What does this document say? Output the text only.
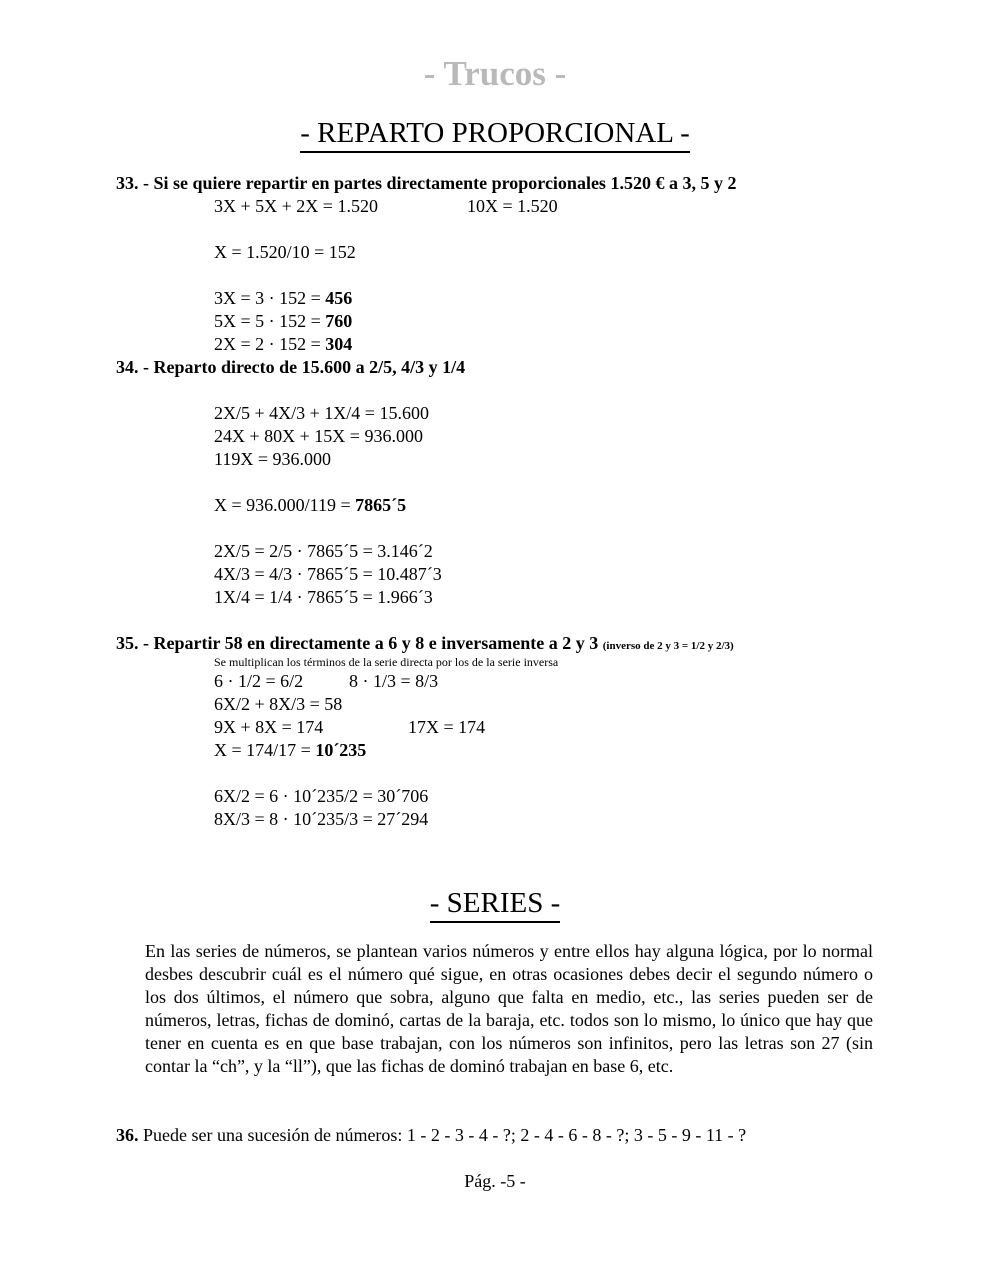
- Trucos -
- REPARTO PROPORCIONAL -
33. - Si se quiere repartir en partes directamente proporcionales 1.520 € a 3, 5 y 2
3X + 5X + 2X = 1.520	10X = 1.520
X = 1.520/10 = 152
3X = 3 · 152 = 456
5X = 5 · 152 = 760
2X = 2 · 152 = 304
34. - Reparto directo de 15.600 a 2/5, 4/3 y 1/4
2X/5 + 4X/3 + 1X/4 = 15.600
24X + 80X + 15X = 936.000
119X = 936.000
X = 936.000/119 = 7865´5
2X/5 = 2/5 · 7865´5 = 3.146´2
4X/3 = 4/3 · 7865´5 = 10.487´3
1X/4 = 1/4 · 7865´5 = 1.966´3
35. - Repartir 58 en directamente a 6 y 8 e inversamente a 2 y 3 (inverso de 2 y 3 = 1/2 y 2/3)
Se multiplican los términos de la serie directa por los de la serie inversa
6 · 1/2 = 6/2	8 · 1/3 = 8/3
6X/2 + 8X/3 = 58
9X + 8X = 174	17X = 174
X = 174/17 = 10´235
6X/2 = 6 · 10´235/2 = 30´706
8X/3 = 8 · 10´235/3 = 27´294
- SERIES -
En las series de números, se plantean varios números y entre ellos hay alguna lógica, por lo normal desbes descubrir cuál es el número qué sigue, en otras ocasiones debes decir el segundo número o los dos últimos, el número que sobra, alguno que falta en medio, etc., las series pueden ser de números, letras, fichas de dominó, cartas de la baraja, etc. todos son lo mismo, lo único que hay que tener en cuenta es en que base trabajan, con los números son infinitos, pero las letras son 27 (sin contar la “ch”, y la “ll”), que las fichas de dominó trabajan en base 6, etc.
36. Puede ser una sucesión de números: 1 - 2 - 3 - 4 - ?; 2 - 4 - 6 - 8 - ?; 3 - 5 - 9 - 11 - ?
Pág. -5 -
